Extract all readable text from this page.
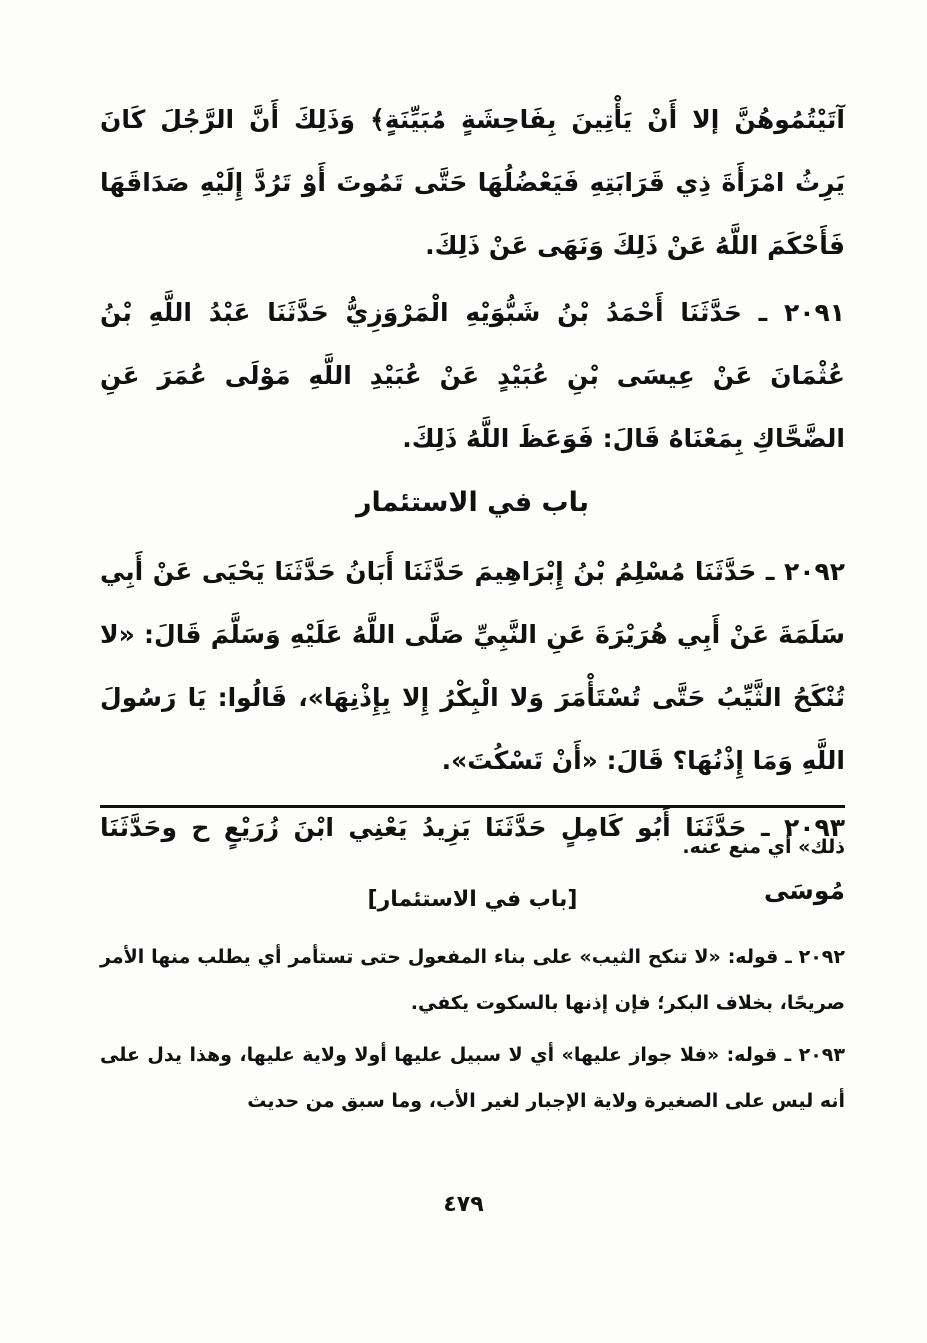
آتَيْتُمُوهُنَّ إلا أَنْ يَأْتِينَ بِفَاحِشَةٍ مُبَيِّنَةٍ﴾ وَذَلِكَ أَنَّ الرَّجُلَ كَانَ يَرِثُ امْرَأَةَ ذِي قَرَابَتِهِ فَيَعْضُلُهَا حَتَّى تَمُوتَ أَوْ تَرُدَّ إِلَيْهِ صَدَاقَهَا فَأَحْكَمَ اللَّهُ عَنْ ذَلِكَ وَنَهَى عَنْ ذَلِكَ.

٢٠٩١ ـ حَدَّثَنَا أَحْمَدُ بْنُ شَبُّوَيْهِ الْمَرْوَزِيُّ حَدَّثَنَا عَبْدُ اللَّهِ بْنُ عُثْمَانَ عَنْ عِيسَى بْنِ عُبَيْدٍ عَنْ عُبَيْدِ اللَّهِ مَوْلَى عُمَرَ عَنِ الضَّحَّاكِ بِمَعْنَاهُ قَالَ: فَوَعَظَ اللَّهُ ذَلِكَ.

باب في الاستئمار

٢٠٩٢ ـ حَدَّثَنَا مُسْلِمُ بْنُ إِبْرَاهِيمَ حَدَّثَنَا أَبَانُ حَدَّثَنَا يَحْيَى عَنْ أَبِي سَلَمَةَ عَنْ أَبِي هُرَيْرَةَ عَنِ النَّبِيِّ صَلَّى اللَّهُ عَلَيْهِ وَسَلَّمَ قَالَ: «لا تُنْكَحُ الثَّيِّبُ حَتَّى تُسْتَأْمَرَ وَلا الْبِكْرُ إِلا بِإِذْنِهَا»، قَالُوا: يَا رَسُولَ اللَّهِ وَمَا إِذْنُهَا؟ قَالَ: «أَنْ تَسْكُتَ».

٢٠٩٣ ـ حَدَّثَنَا أَبُو كَامِلٍ حَدَّثَنَا يَزِيدُ يَعْنِي ابْنَ زُرَيْعٍ ح وحَدَّثَنَا مُوسَى

ذلك» أي منع عنه.

[باب في الاستئمار]

٢٠٩٢ ـ قوله: «لا تنكح الثيب» على بناء المفعول حتى تستأمر أي يطلب منها الأمر صريحًا، بخلاف البكر؛ فإن إذنها بالسكوت يكفي.

٢٠٩٣ ـ قوله: «فلا جواز عليها» أي لا سبيل عليها أولا ولاية عليها، وهذا يدل على أنه ليس على الصغيرة ولاية الإجبار لغير الأب، وما سبق من حديث

٤٧٩
